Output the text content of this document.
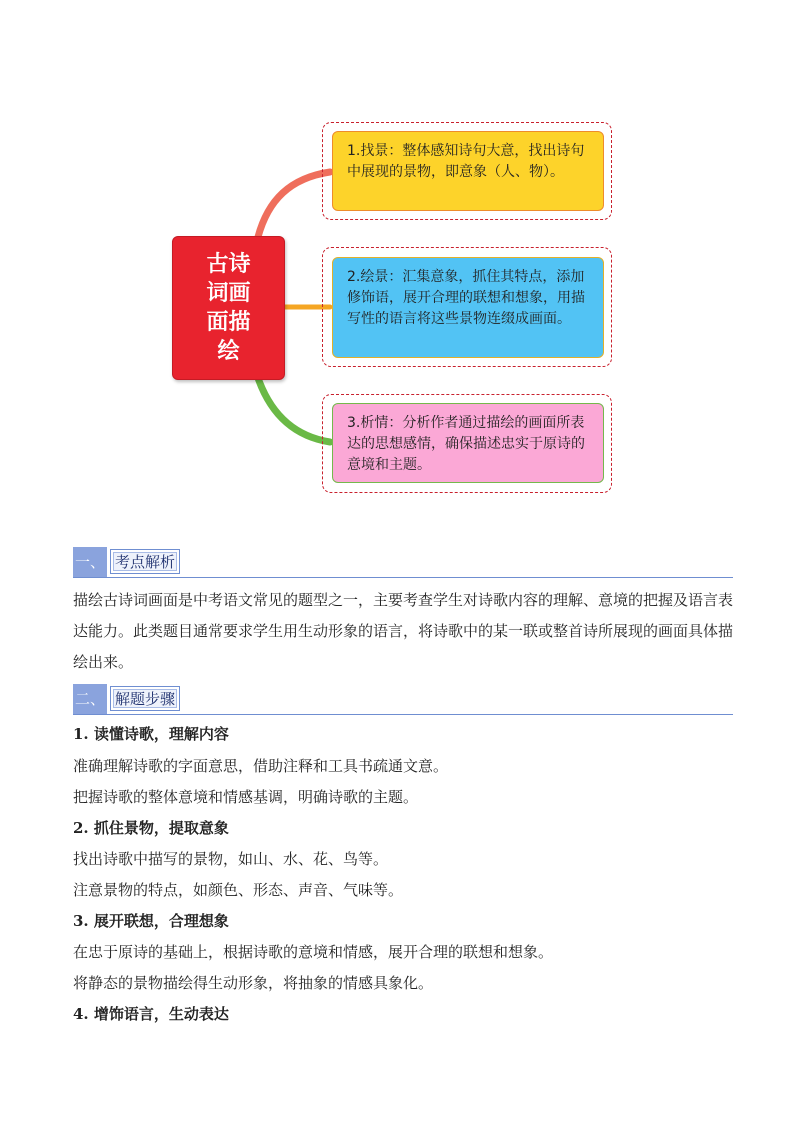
古诗词画面描绘
1.找景：整体感知诗句大意，找出诗句中展现的景物，即意象（人、物）。
2.绘景：汇集意象，抓住其特点，添加修饰语，展开合理的联想和想象，用描写性的语言将这些景物连缀成画面。
3.析情：分析作者通过描绘的画面所表达的思想感情，确保描述忠实于原诗的意境和主题。
一、 考点解析
描绘古诗词画面是中考语文常见的题型之一，主要考查学生对诗歌内容的理解、意境的把握及语言表达能力。此类题目通常要求学生用生动形象的语言，将诗歌中的某一联或整首诗所展现的画面具体描绘出来。
二、 解题步骤
1. 读懂诗歌，理解内容
准确理解诗歌的字面意思，借助注释和工具书疏通文意。
把握诗歌的整体意境和情感基调，明确诗歌的主题。
2. 抓住景物，提取意象
找出诗歌中描写的景物，如山、水、花、鸟等。
注意景物的特点，如颜色、形态、声音、气味等。
3. 展开联想，合理想象
在忠于原诗的基础上，根据诗歌的意境和情感，展开合理的联想和想象。
将静态的景物描绘得生动形象，将抽象的情感具象化。
4. 增饰语言，生动表达
